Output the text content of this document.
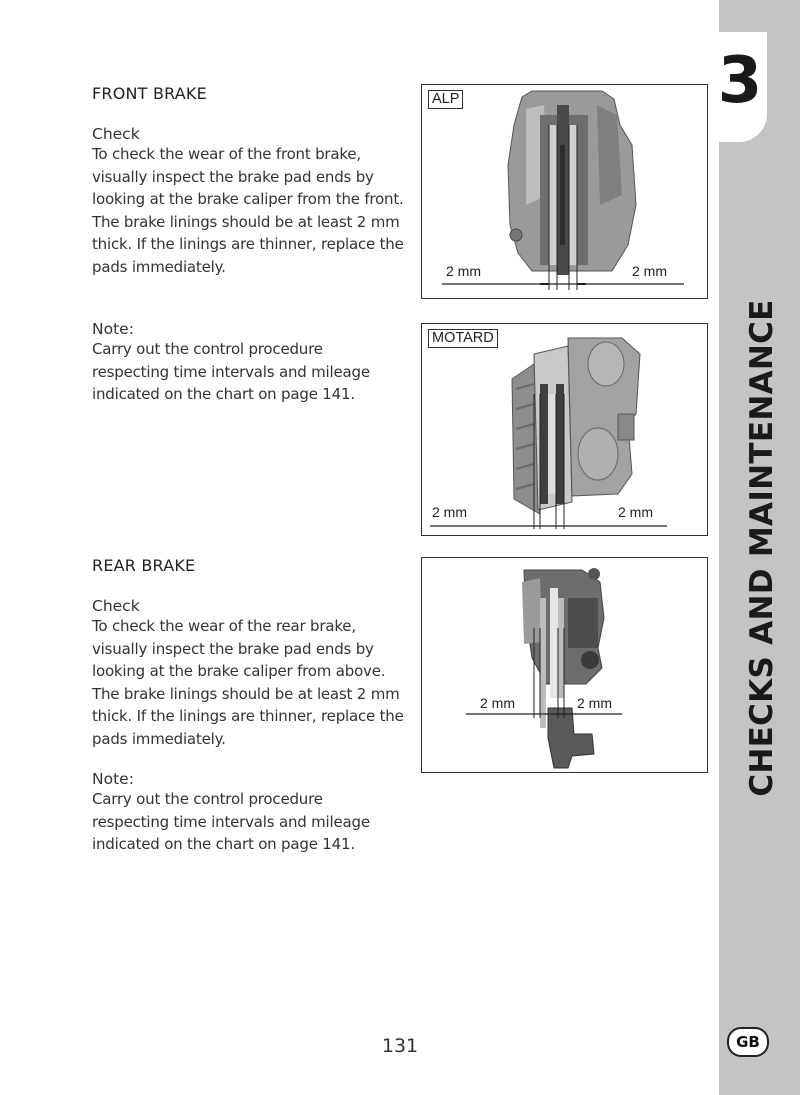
FRONT BRAKE

Check

To check the wear of the front brake, visually inspect the brake pad ends by looking at the brake caliper from the front. The brake linings should be at least 2 mm thick. If the linings are thinner, replace the pads immediately.

Note:

Carry out the control procedure respecting time intervals and mileage indicated on the chart on page 141.

REAR BRAKE

Check

To check the wear of the rear brake, visually inspect the brake pad ends by looking at the brake caliper from above. The brake linings should be at least 2 mm thick. If the linings are thinner, replace the pads immediately.

Note:

Carry out the control procedure respecting time intervals and mileage indicated on the chart on page 141.

ALP
2 mm	2 mm
MOTARD
2 mm	2 mm
2 mm	2 mm
3
CHECKS AND MAINTENANCE
GB
131
